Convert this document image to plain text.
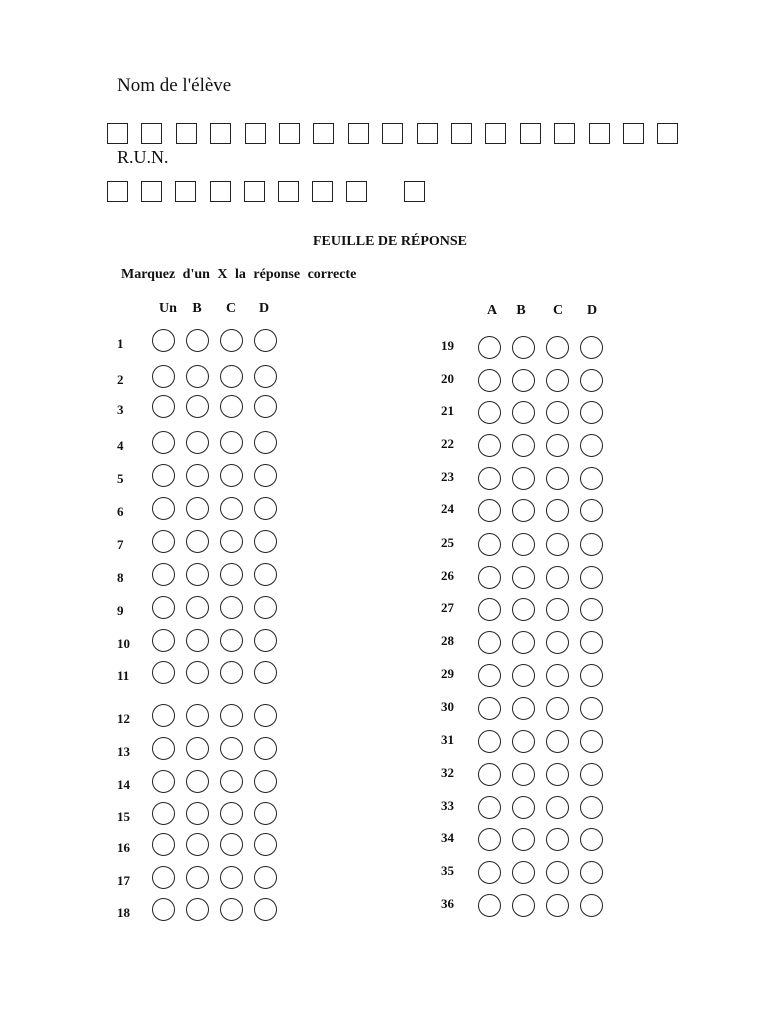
Nom de l'élève
R.U.N.
FEUILLE DE RÉPONSE
Marquez d'un X la réponse correcte
Un	B	C	D
1
2
3
4
5
6
7
8
9
10
11
12
13
14
15
16
17
18
A	B	C	D
19
20
21
22
23
24
25
26
27
28
29
30
31
32
33
34
35
36
